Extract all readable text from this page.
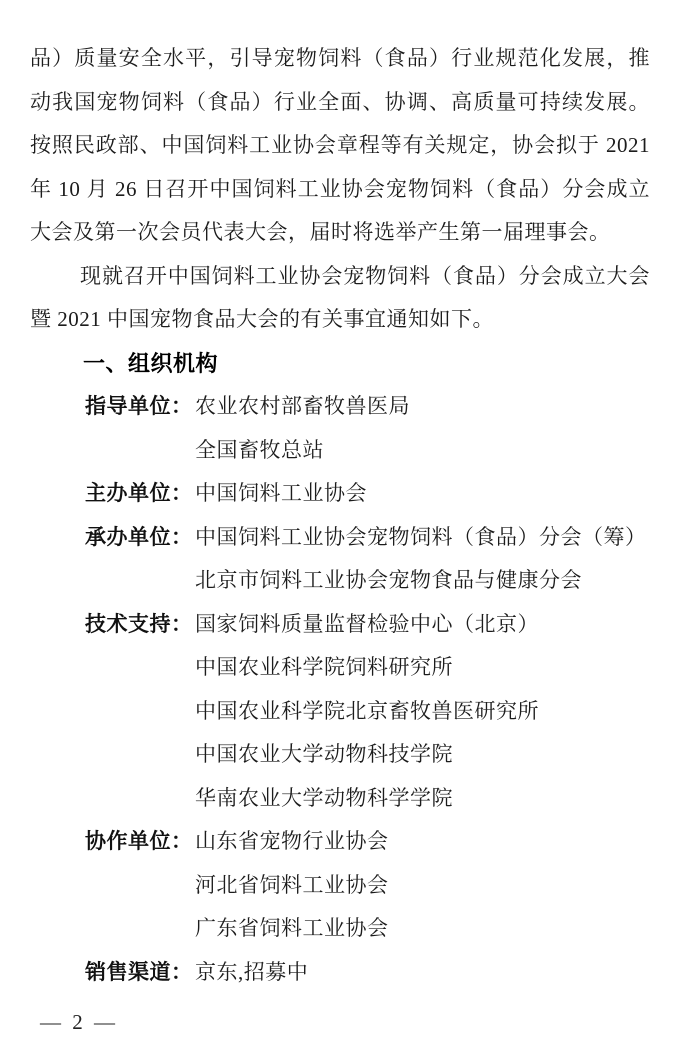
品）质量安全水平，引导宠物饲料（食品）行业规范化发展，推
动我国宠物饲料（食品）行业全面、协调、高质量可持续发展。
按照民政部、中国饲料工业协会章程等有关规定，协会拟于 2021
年 10 月 26 日召开中国饲料工业协会宠物饲料（食品）分会成立
大会及第一次会员代表大会，届时将选举产生第一届理事会。
现就召开中国饲料工业协会宠物饲料（食品）分会成立大会
暨 2021 中国宠物食品大会的有关事宜通知如下。
一、组织机构
指导单位： 农业农村部畜牧兽医局
全国畜牧总站
主办单位： 中国饲料工业协会
承办单位： 中国饲料工业协会宠物饲料（食品）分会（筹）
北京市饲料工业协会宠物食品与健康分会
技术支持： 国家饲料质量监督检验中心（北京）
中国农业科学院饲料研究所
中国农业科学院北京畜牧兽医研究所
中国农业大学动物科技学院
华南农业大学动物科学学院
协作单位： 山东省宠物行业协会
河北省饲料工业协会
广东省饲料工业协会
销售渠道： 京东,招募中
— 2 —
